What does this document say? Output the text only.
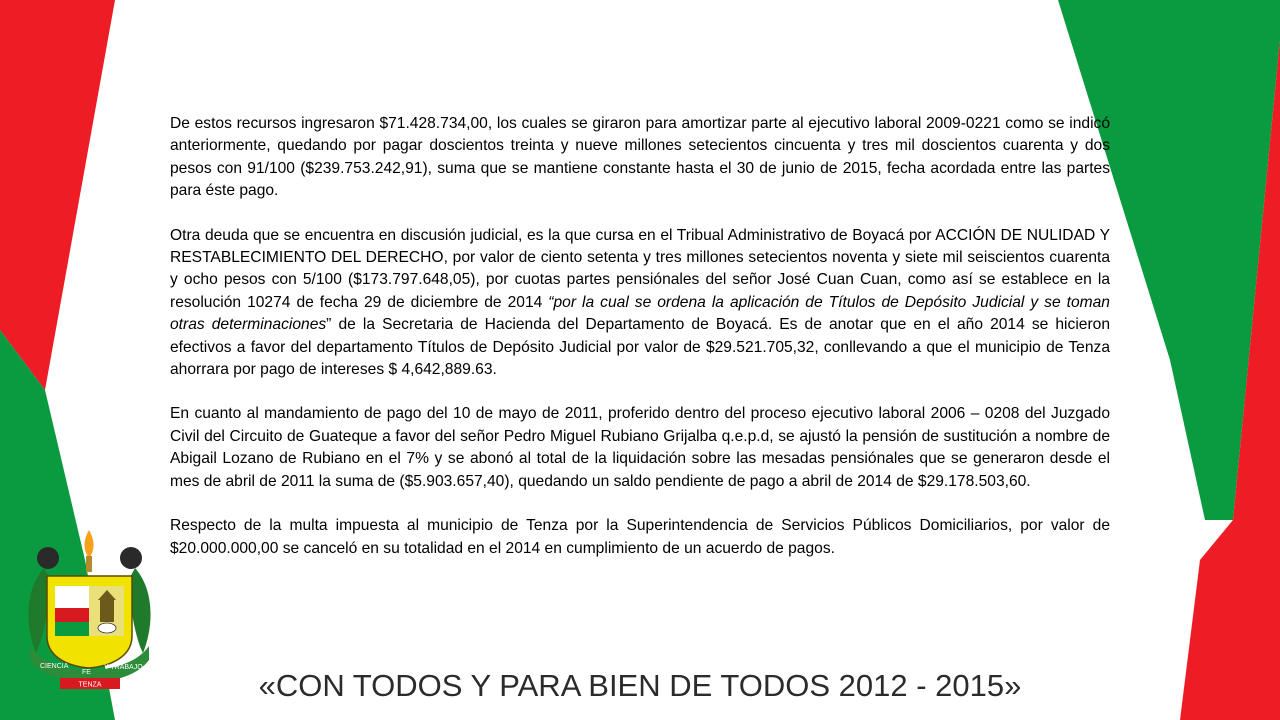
De estos recursos ingresaron $71.428.734,00, los cuales se giraron para amortizar parte al ejecutivo laboral 2009-0221 como se indicó anteriormente, quedando por pagar doscientos treinta y nueve millones setecientos cincuenta y tres mil doscientos cuarenta y dos pesos con 91/100 ($239.753.242,91), suma que se mantiene constante hasta el 30 de junio de 2015, fecha acordada entre las partes para éste pago.

Otra deuda que se encuentra en discusión judicial, es la que cursa en el Tribual Administrativo de Boyacá por ACCIÓN DE NULIDAD Y RESTABLECIMIENTO DEL DERECHO, por valor de ciento setenta y tres millones setecientos noventa y siete mil seiscientos cuarenta y ocho pesos con 5/100 ($173.797.648,05), por cuotas partes pensiónales del señor José Cuan Cuan, como así se establece en la resolución 10274 de fecha 29 de diciembre de 2014 “por la cual se ordena la aplicación de Títulos de Depósito Judicial y se toman otras determinaciones” de la Secretaria de Hacienda del Departamento de Boyacá. Es de anotar que en el año 2014 se hicieron efectivos a favor del departamento Títulos de Depósito Judicial por valor de $29.521.705,32, conllevando a que el municipio de Tenza ahorrara por pago de intereses $ 4,642,889.63.

En cuanto al mandamiento de pago del 10 de mayo de 2011, proferido dentro del proceso ejecutivo laboral 2006 – 0208 del Juzgado Civil del Circuito de Guateque a favor del señor Pedro Miguel Rubiano Grijalba q.e.p.d, se ajustó la pensión de sustitución a nombre de Abigail Lozano de Rubiano en el 7% y se abonó al total de la liquidación sobre las mesadas pensiónales que se generaron desde el mes de abril de 2011 la suma de ($5.903.657,40), quedando un saldo pendiente de pago a abril de 2014 de $29.178.503,60.

Respecto de la multa impuesta al municipio de Tenza por la Superintendencia de Servicios Públicos Domiciliarios, por valor de $20.000.000,00 se canceló en su totalidad en el 2014 en cumplimiento de un acuerdo de pagos.

CIENCIA
FE
Y TRABAJO
TENZA	«CON TODOS Y PARA BIEN DE TODOS 2012 - 2015»
